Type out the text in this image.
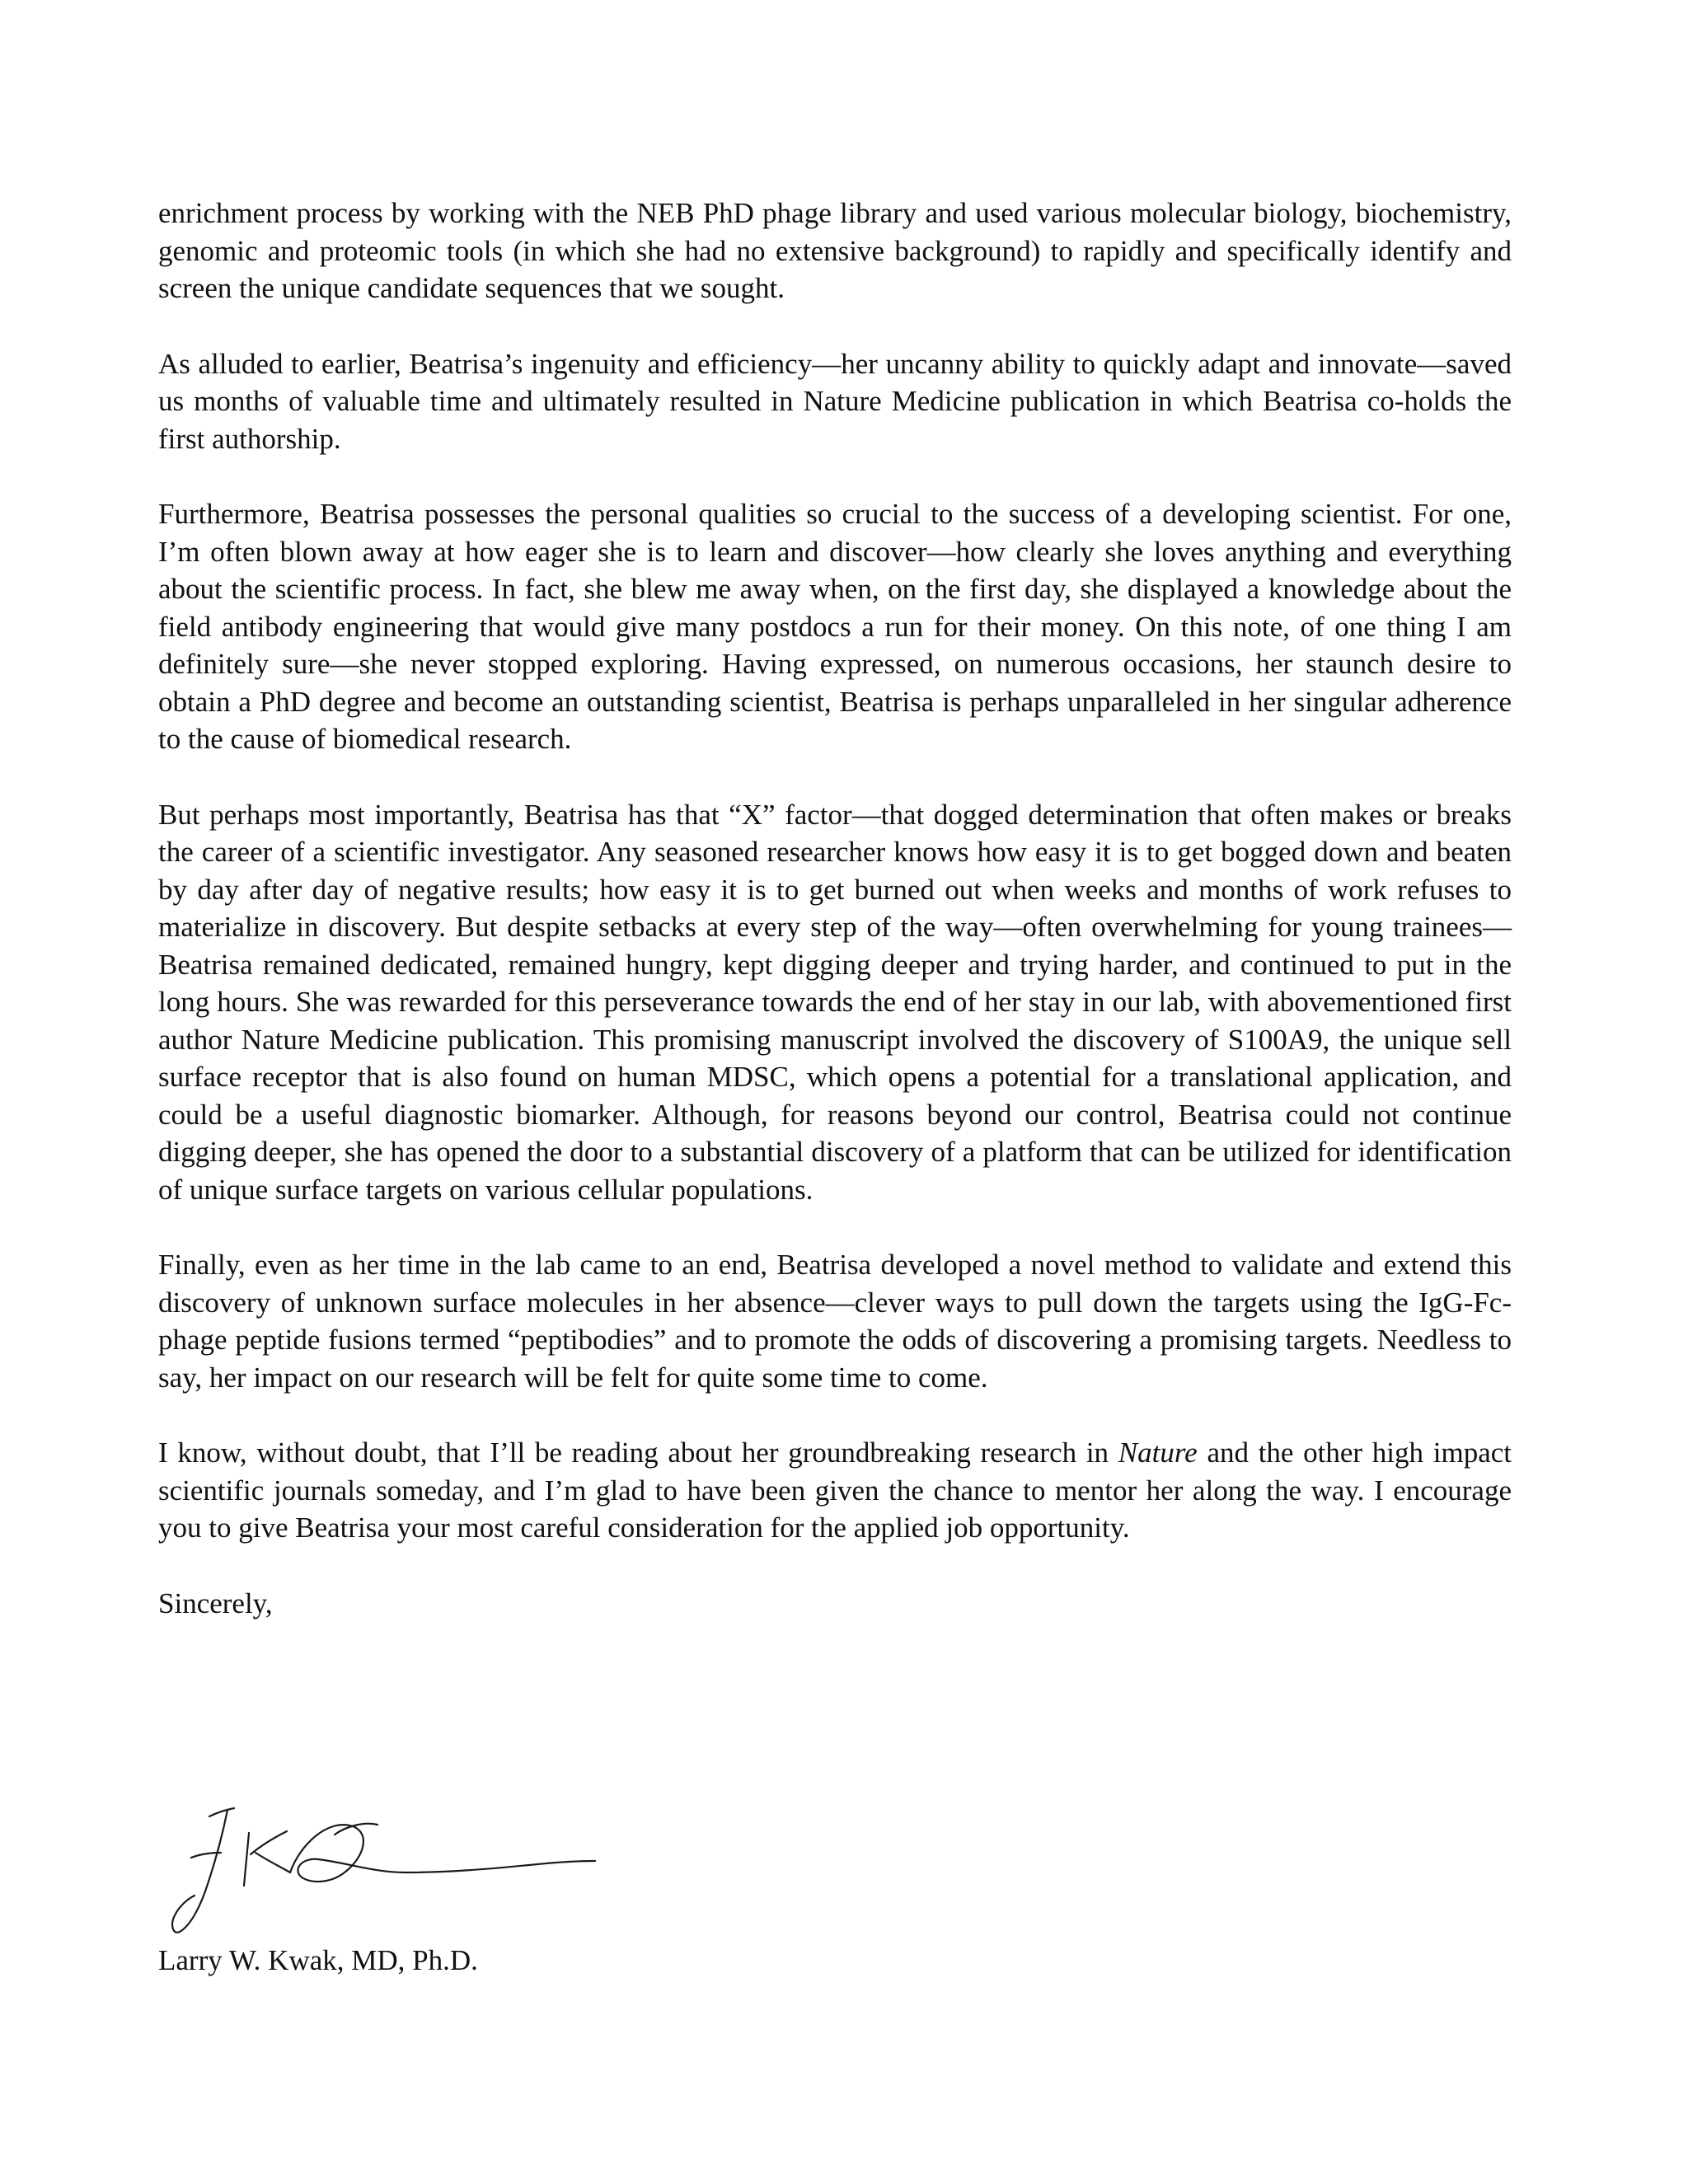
enrichment process by working with the NEB PhD phage library and used various molecular biology, biochemistry, genomic and proteomic tools (in which she had no extensive background) to rapidly and specifically identify and screen the unique candidate sequences that we sought.

As alluded to earlier, Beatrisa’s ingenuity and efficiency—her uncanny ability to quickly adapt and innovate—saved us months of valuable time and ultimately resulted in Nature Medicine publication in which Beatrisa co-holds the first authorship.

Furthermore, Beatrisa possesses the personal qualities so crucial to the success of a developing scientist. For one, I’m often blown away at how eager she is to learn and discover—how clearly she loves anything and everything about the scientific process. In fact, she blew me away when, on the first day, she displayed a knowledge about the field antibody engineering that would give many postdocs a run for their money. On this note, of one thing I am definitely sure—she never stopped exploring. Having expressed, on numerous occasions, her staunch desire to obtain a PhD degree and become an outstanding scientist, Beatrisa is perhaps unparalleled in her singular adherence to the cause of biomedical research.

But perhaps most importantly, Beatrisa has that “X” factor—that dogged determination that often makes or breaks the career of a scientific investigator. Any seasoned researcher knows how easy it is to get bogged down and beaten by day after day of negative results; how easy it is to get burned out when weeks and months of work refuses to materialize in discovery. But despite setbacks at every step of the way—often overwhelming for young trainees—Beatrisa remained dedicated, remained hungry, kept digging deeper and trying harder, and continued to put in the long hours. She was rewarded for this perseverance towards the end of her stay in our lab, with abovementioned first author Nature Medicine publication. This promising manuscript involved the discovery of S100A9, the unique sell surface receptor that is also found on human MDSC, which opens a potential for a translational application, and could be a useful diagnostic biomarker. Although, for reasons beyond our control, Beatrisa could not continue digging deeper, she has opened the door to a substantial discovery of a platform that can be utilized for identification of unique surface targets on various cellular populations.

Finally, even as her time in the lab came to an end, Beatrisa developed a novel method to validate and extend this discovery of unknown surface molecules in her absence—clever ways to pull down the targets using the IgG-Fc-phage peptide fusions termed “peptibodies” and to promote the odds of discovering a promising targets. Needless to say, her impact on our research will be felt for quite some time to come.

I know, without doubt, that I’ll be reading about her groundbreaking research in Nature and the other high impact scientific journals someday, and I’m glad to have been given the chance to mentor her along the way. I encourage you to give Beatrisa your most careful consideration for the applied job opportunity.

Sincerely,

Larry W. Kwak, MD, Ph.D.
